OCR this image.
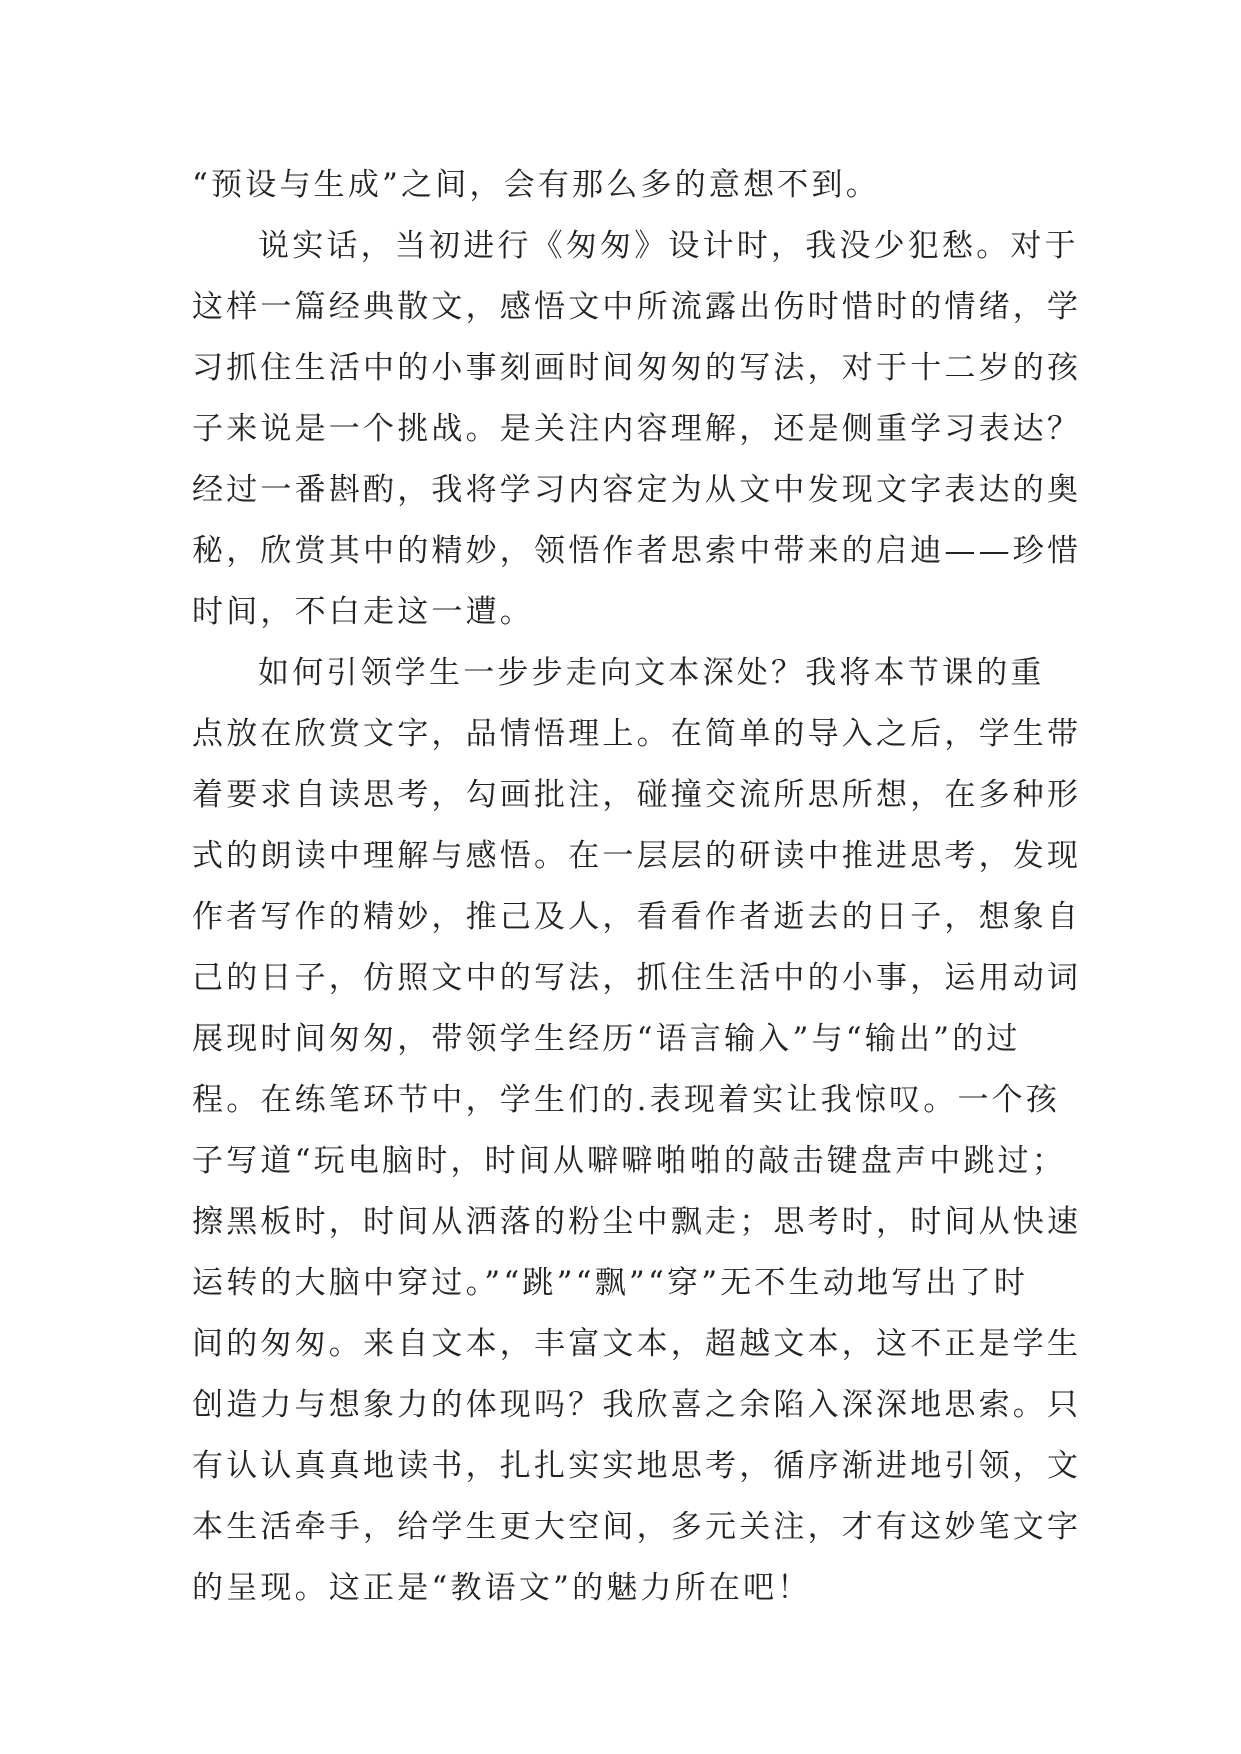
“预设与生成”之间，会有那么多的意想不到。
说实话，当初进行《匆匆》设计时，我没少犯愁。对于
这样一篇经典散文，感悟文中所流露出伤时惜时的情绪，学
习抓住生活中的小事刻画时间匆匆的写法，对于十二岁的孩
子来说是一个挑战。是关注内容理解，还是侧重学习表达？
经过一番斟酌，我将学习内容定为从文中发现文字表达的奥
秘，欣赏其中的精妙，领悟作者思索中带来的启迪——珍惜
时间，不白走这一遭。
如何引领学生一步步走向文本深处？我将本节课的重
点放在欣赏文字，品情悟理上。在简单的导入之后，学生带
着要求自读思考，勾画批注，碰撞交流所思所想，在多种形
式的朗读中理解与感悟。在一层层的研读中推进思考，发现
作者写作的精妙，推己及人，看看作者逝去的日子，想象自
己的日子，仿照文中的写法，抓住生活中的小事，运用动词
展现时间匆匆，带领学生经历“语言输入”与“输出”的过
程。在练笔环节中，学生们的.表现着实让我惊叹。一个孩
子写道“玩电脑时，时间从噼噼啪啪的敲击键盘声中跳过；
擦黑板时，时间从洒落的粉尘中飘走；思考时，时间从快速
运转的大脑中穿过。”“跳”“飘”“穿”无不生动地写出了时
间的匆匆。来自文本，丰富文本，超越文本，这不正是学生
创造力与想象力的体现吗？我欣喜之余陷入深深地思索。只
有认认真真地读书，扎扎实实地思考，循序渐进地引领，文
本生活牵手，给学生更大空间，多元关注，才有这妙笔文字
的呈现。这正是“教语文”的魅力所在吧！
